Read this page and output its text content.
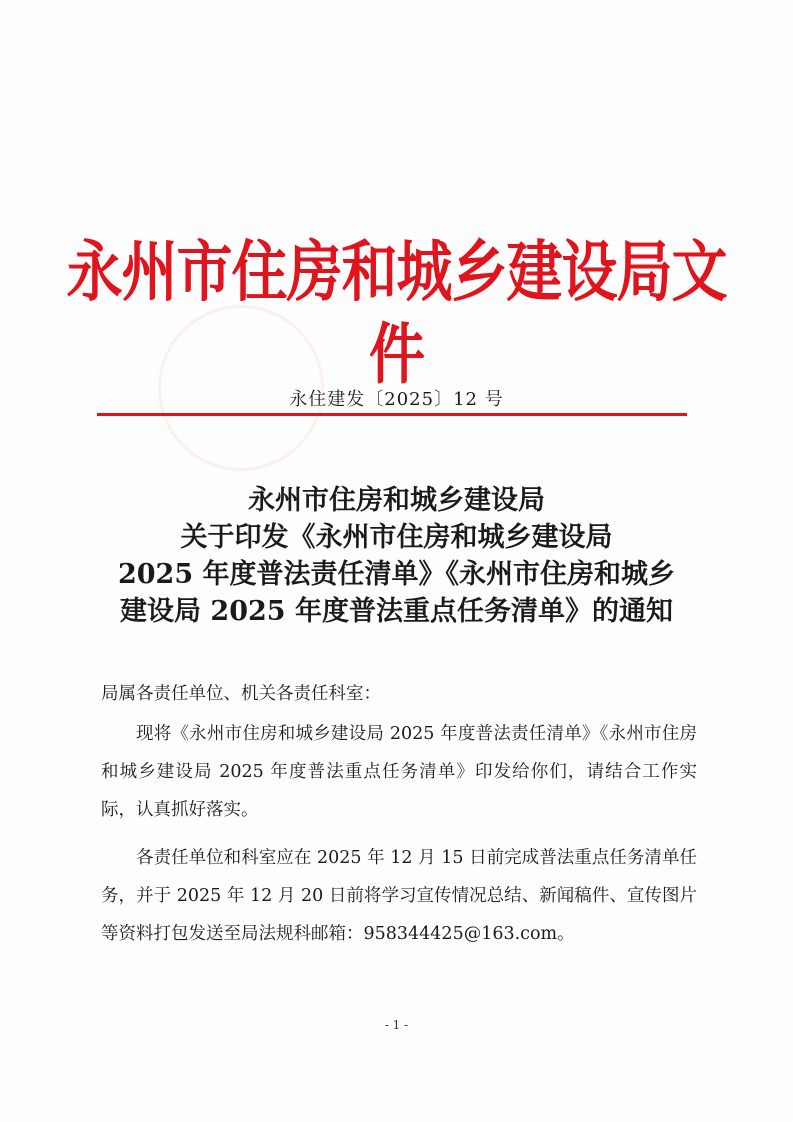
永州市住房和城乡建设局文件
永住建发〔2025〕12 号
永州市住房和城乡建设局
关于印发《永州市住房和城乡建设局
2025 年度普法责任清单》《永州市住房和城乡
建设局 2025 年度普法重点任务清单》的通知

局属各责任单位、机关各责任科室：

现将《永州市住房和城乡建设局 2025 年度普法责任清单》《永州市住房和城乡建设局 2025 年度普法重点任务清单》印发给你们，请结合工作实际，认真抓好落实。

各责任单位和科室应在 2025 年 12 月 15 日前完成普法重点任务清单任务，并于 2025 年 12 月 20 日前将学习宣传情况总结、新闻稿件、宣传图片等资料打包发送至局法规科邮箱：958344425@163.com。

- 1 -
